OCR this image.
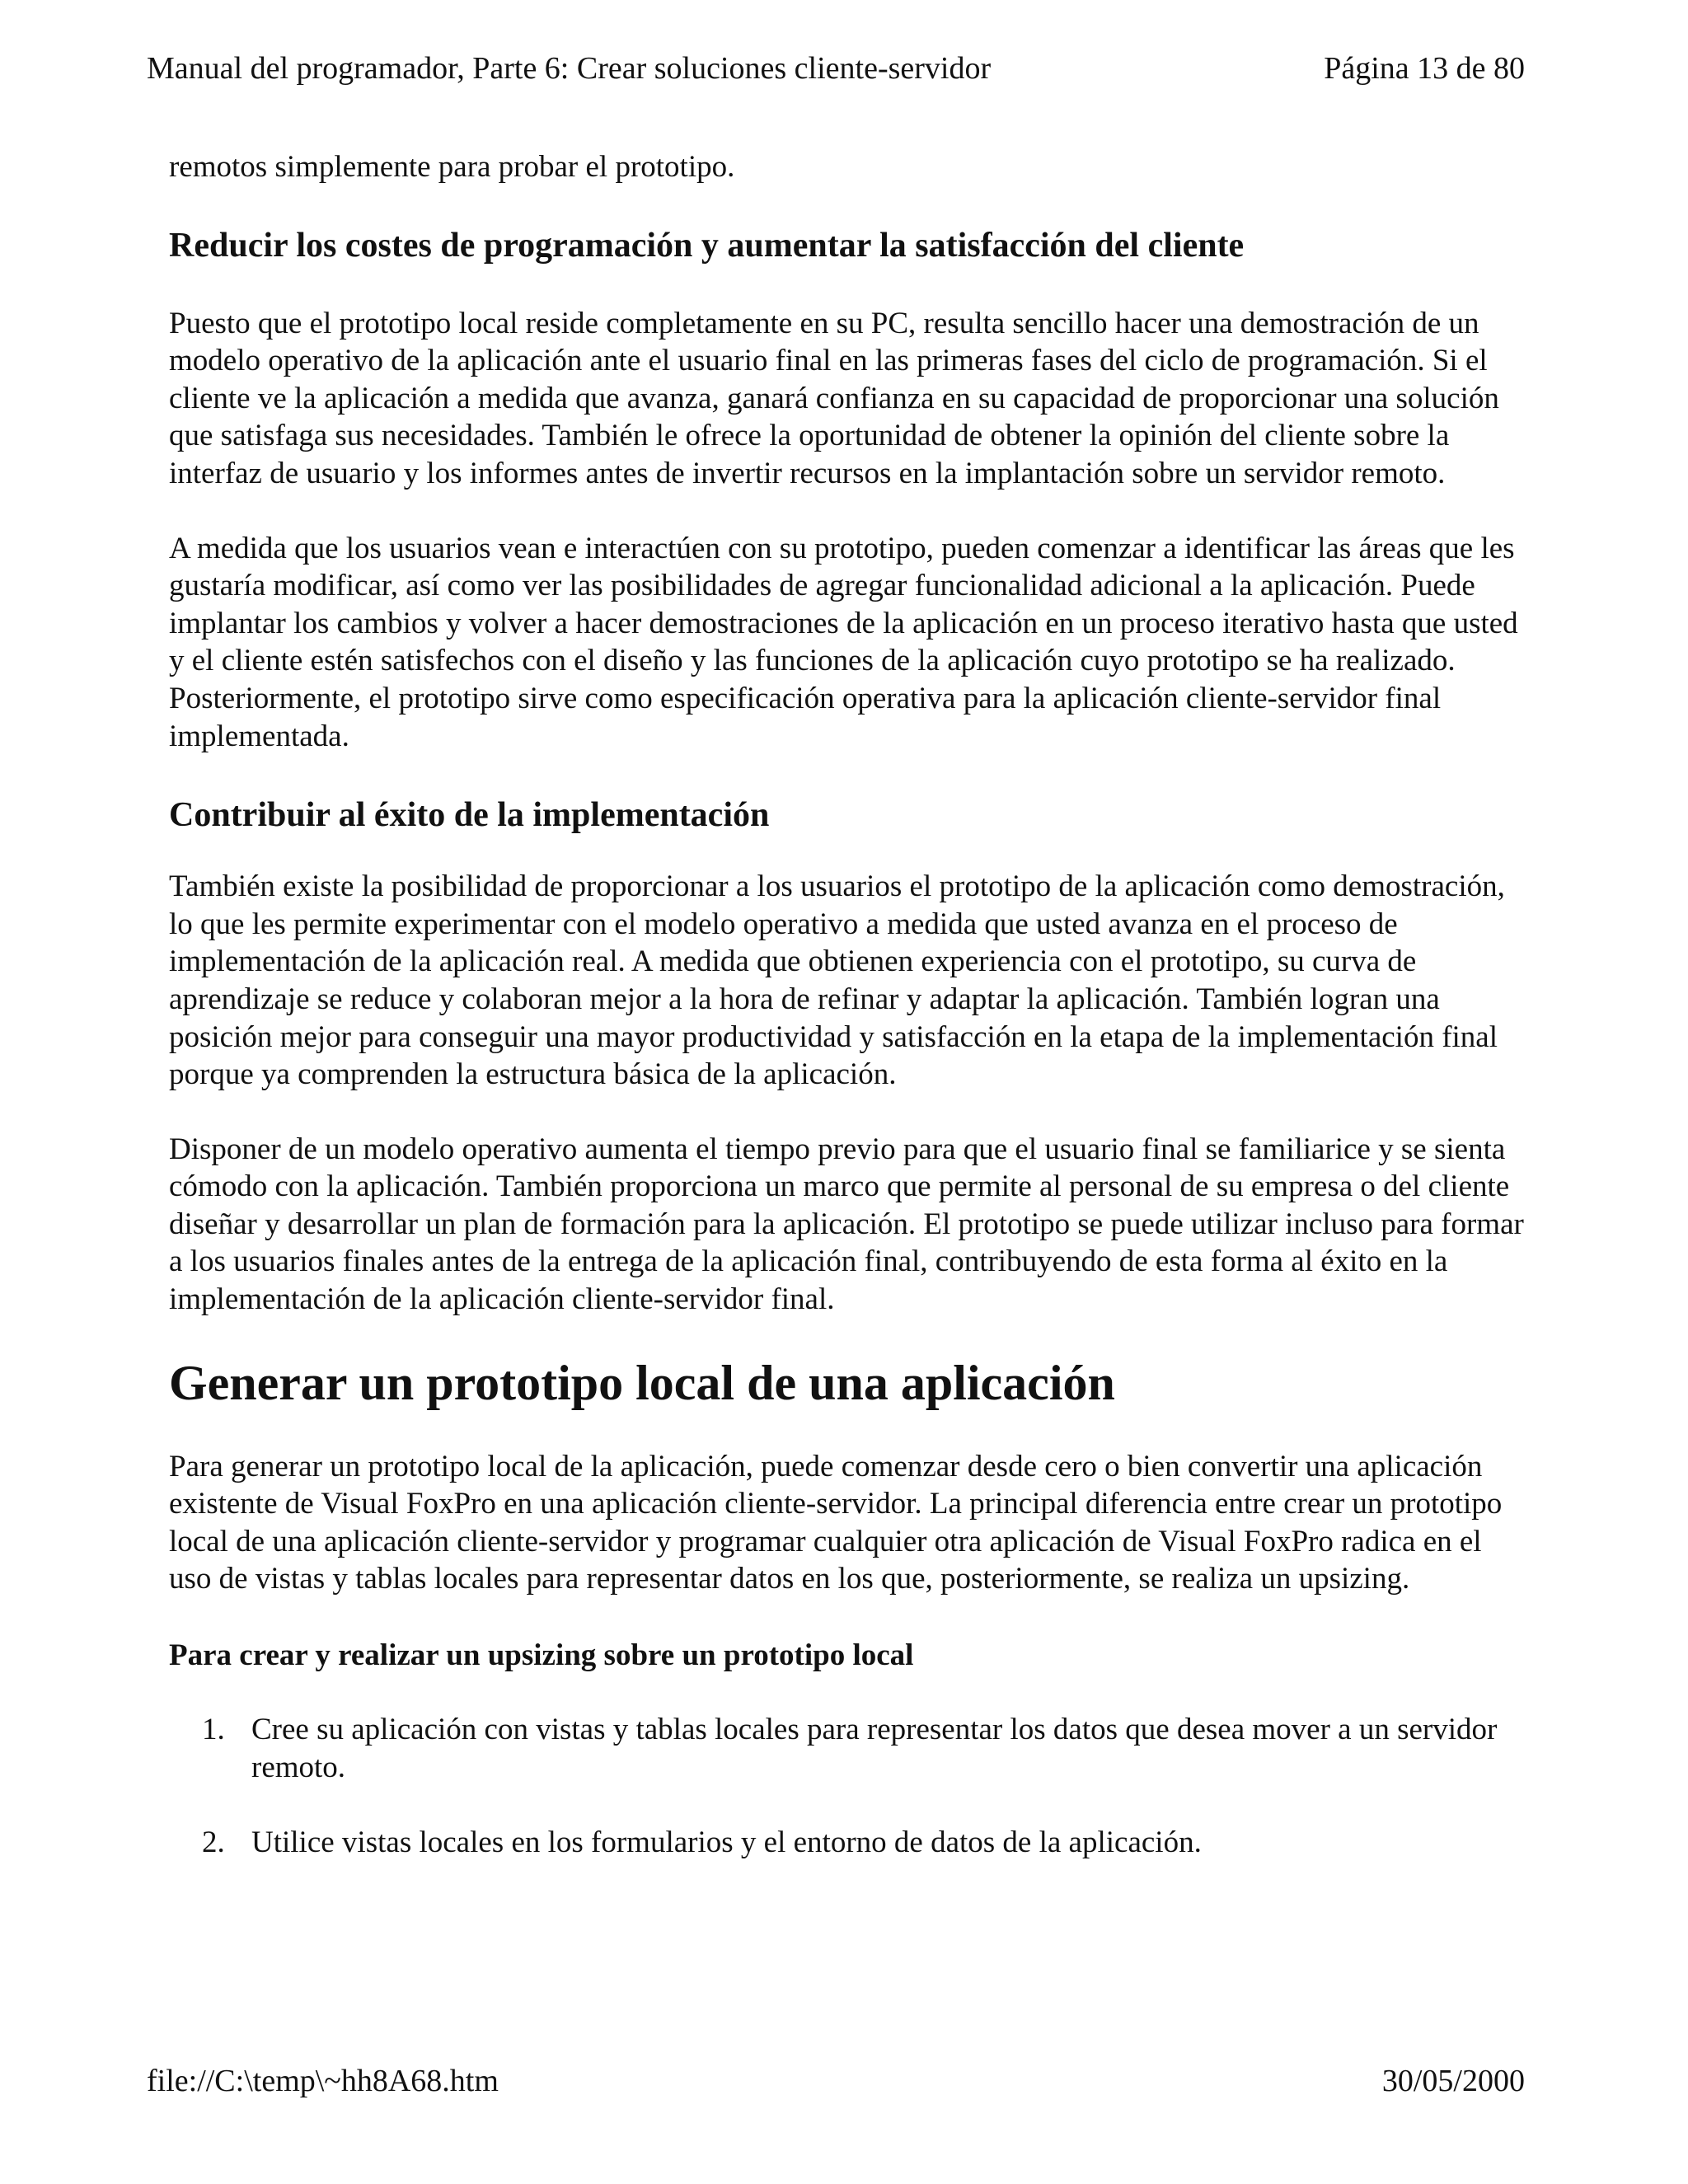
Manual del programador, Parte 6: Crear soluciones cliente-servidor	Página 13 de 80

remotos simplemente para probar el prototipo.

Reducir los costes de programación y aumentar la satisfacción del cliente

Puesto que el prototipo local reside completamente en su PC, resulta sencillo hacer una demostración de un modelo operativo de la aplicación ante el usuario final en las primeras fases del ciclo de programación. Si el cliente ve la aplicación a medida que avanza, ganará confianza en su capacidad de proporcionar una solución que satisfaga sus necesidades. También le ofrece la oportunidad de obtener la opinión del cliente sobre la interfaz de usuario y los informes antes de invertir recursos en la implantación sobre un servidor remoto.

A medida que los usuarios vean e interactúen con su prototipo, pueden comenzar a identificar las áreas que les gustaría modificar, así como ver las posibilidades de agregar funcionalidad adicional a la aplicación. Puede implantar los cambios y volver a hacer demostraciones de la aplicación en un proceso iterativo hasta que usted y el cliente estén satisfechos con el diseño y las funciones de la aplicación cuyo prototipo se ha realizado. Posteriormente, el prototipo sirve como especificación operativa para la aplicación cliente-servidor final implementada.

Contribuir al éxito de la implementación

También existe la posibilidad de proporcionar a los usuarios el prototipo de la aplicación como demostración, lo que les permite experimentar con el modelo operativo a medida que usted avanza en el proceso de implementación de la aplicación real. A medida que obtienen experiencia con el prototipo, su curva de aprendizaje se reduce y colaboran mejor a la hora de refinar y adaptar la aplicación. También logran una posición mejor para conseguir una mayor productividad y satisfacción en la etapa de la implementación final porque ya comprenden la estructura básica de la aplicación.

Disponer de un modelo operativo aumenta el tiempo previo para que el usuario final se familiarice y se sienta cómodo con la aplicación. También proporciona un marco que permite al personal de su empresa o del cliente diseñar y desarrollar un plan de formación para la aplicación. El prototipo se puede utilizar incluso para formar a los usuarios finales antes de la entrega de la aplicación final, contribuyendo de esta forma al éxito en la implementación de la aplicación cliente-servidor final.

Generar un prototipo local de una aplicación

Para generar un prototipo local de la aplicación, puede comenzar desde cero o bien convertir una aplicación existente de Visual FoxPro en una aplicación cliente-servidor. La principal diferencia entre crear un prototipo local de una aplicación cliente-servidor y programar cualquier otra aplicación de Visual FoxPro radica en el uso de vistas y tablas locales para representar datos en los que, posteriormente, se realiza un upsizing.

Para crear y realizar un upsizing sobre un prototipo local
1. Cree su aplicación con vistas y tablas locales para representar los datos que desea mover a un servidor remoto.
2. Utilice vistas locales en los formularios y el entorno de datos de la aplicación.
file://C:\temp\~hh8A68.htm	30/05/2000
